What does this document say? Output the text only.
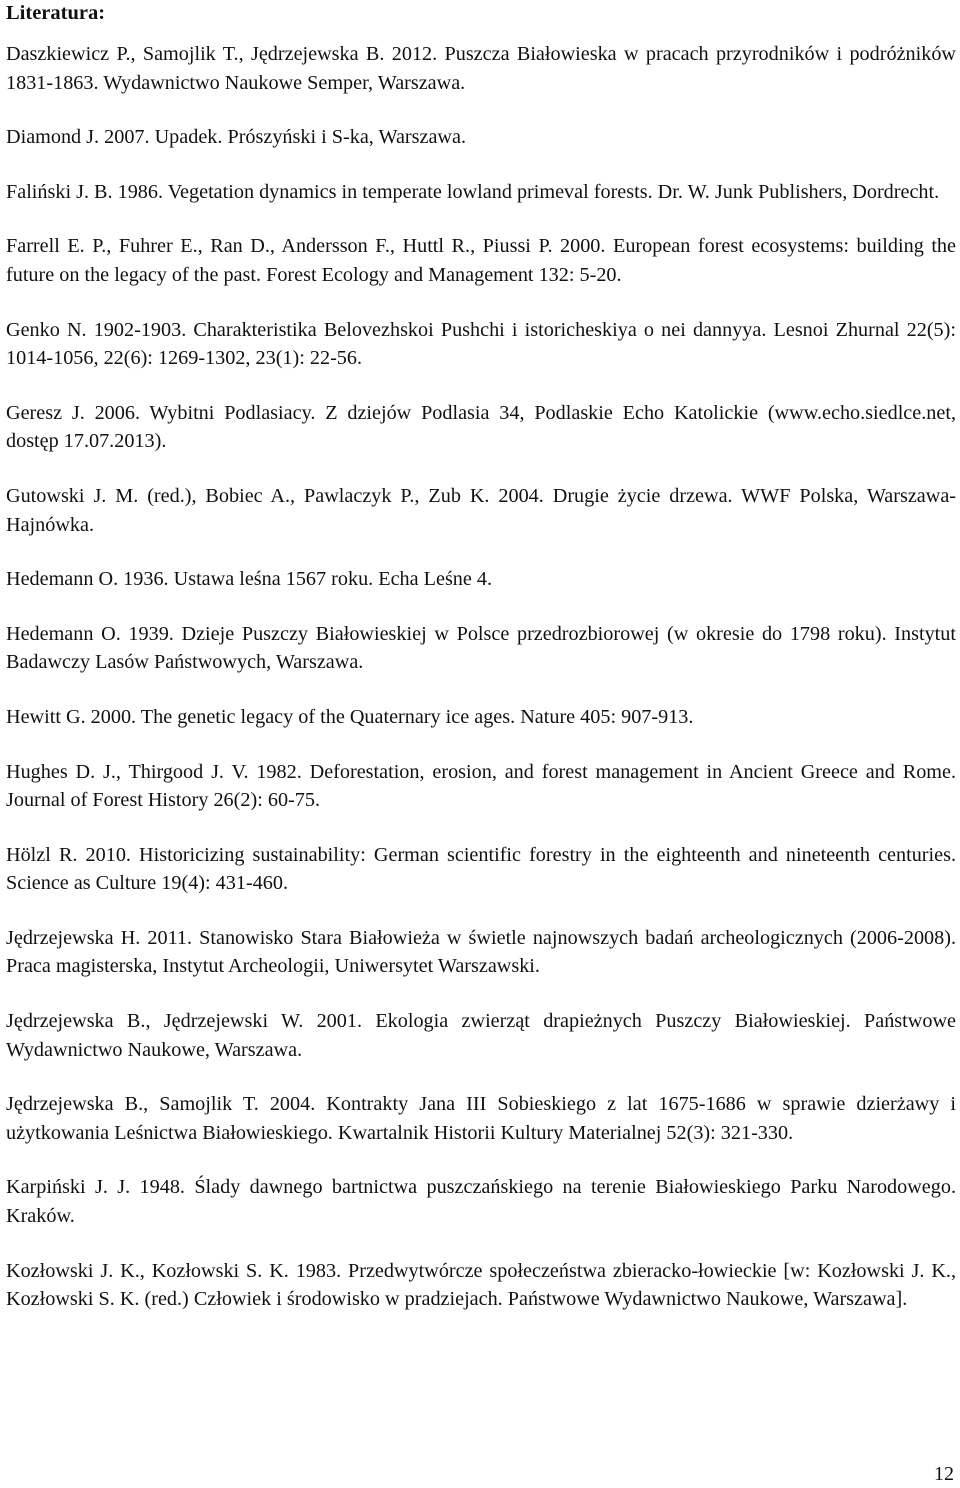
Literatura:
Daszkiewicz P., Samojlik T., Jędrzejewska B. 2012. Puszcza Białowieska w pracach przyrodników i podróżników 1831-1863. Wydawnictwo Naukowe Semper, Warszawa.
Diamond J. 2007. Upadek. Prószyński i S-ka, Warszawa.
Faliński J. B. 1986. Vegetation dynamics in temperate lowland primeval forests. Dr. W. Junk Publishers, Dordrecht.
Farrell E. P., Fuhrer E., Ran D., Andersson F., Huttl R., Piussi P. 2000. European forest ecosystems: building the future on the legacy of the past. Forest Ecology and Management 132: 5-20.
Genko N. 1902-1903. Charakteristika Belovezhskoi Pushchi i istoricheskiya o nei dannyya. Lesnoi Zhurnal 22(5): 1014-1056, 22(6): 1269-1302, 23(1): 22-56.
Geresz J. 2006. Wybitni Podlasiacy. Z dziejów Podlasia 34, Podlaskie Echo Katolickie (www.echo.siedlce.net, dostęp 17.07.2013).
Gutowski J. M. (red.), Bobiec A., Pawlaczyk P., Zub K. 2004. Drugie życie drzewa. WWF Polska, Warszawa-Hajnówka.
Hedemann O. 1936. Ustawa leśna 1567 roku. Echa Leśne 4.
Hedemann O. 1939. Dzieje Puszczy Białowieskiej w Polsce przedrozbiorowej (w okresie do 1798 roku). Instytut Badawczy Lasów Państwowych, Warszawa.
Hewitt G. 2000. The genetic legacy of the Quaternary ice ages. Nature 405: 907-913.
Hughes D. J., Thirgood J. V. 1982. Deforestation, erosion, and forest management in Ancient Greece and Rome. Journal of Forest History 26(2): 60-75.
Hölzl R. 2010. Historicizing sustainability: German scientific forestry in the eighteenth and nineteenth centuries. Science as Culture 19(4): 431-460.
Jędrzejewska H. 2011. Stanowisko Stara Białowieża w świetle najnowszych badań archeologicznych (2006-2008). Praca magisterska, Instytut Archeologii, Uniwersytet Warszawski.
Jędrzejewska B., Jędrzejewski W. 2001. Ekologia zwierząt drapieżnych Puszczy Białowieskiej. Państwowe Wydawnictwo Naukowe, Warszawa.
Jędrzejewska B., Samojlik T. 2004. Kontrakty Jana III Sobieskiego z lat 1675-1686 w sprawie dzierżawy i użytkowania Leśnictwa Białowieskiego. Kwartalnik Historii Kultury Materialnej 52(3): 321-330.
Karpiński J. J. 1948. Ślady dawnego bartnictwa puszczańskiego na terenie Białowieskiego Parku Narodowego. Kraków.
Kozłowski J. K., Kozłowski S. K. 1983. Przedwytwórcze społeczeństwa zbieracko-łowieckie [w: Kozłowski J. K., Kozłowski S. K. (red.) Człowiek i środowisko w pradziejach. Państwowe Wydawnictwo Naukowe, Warszawa].
12
